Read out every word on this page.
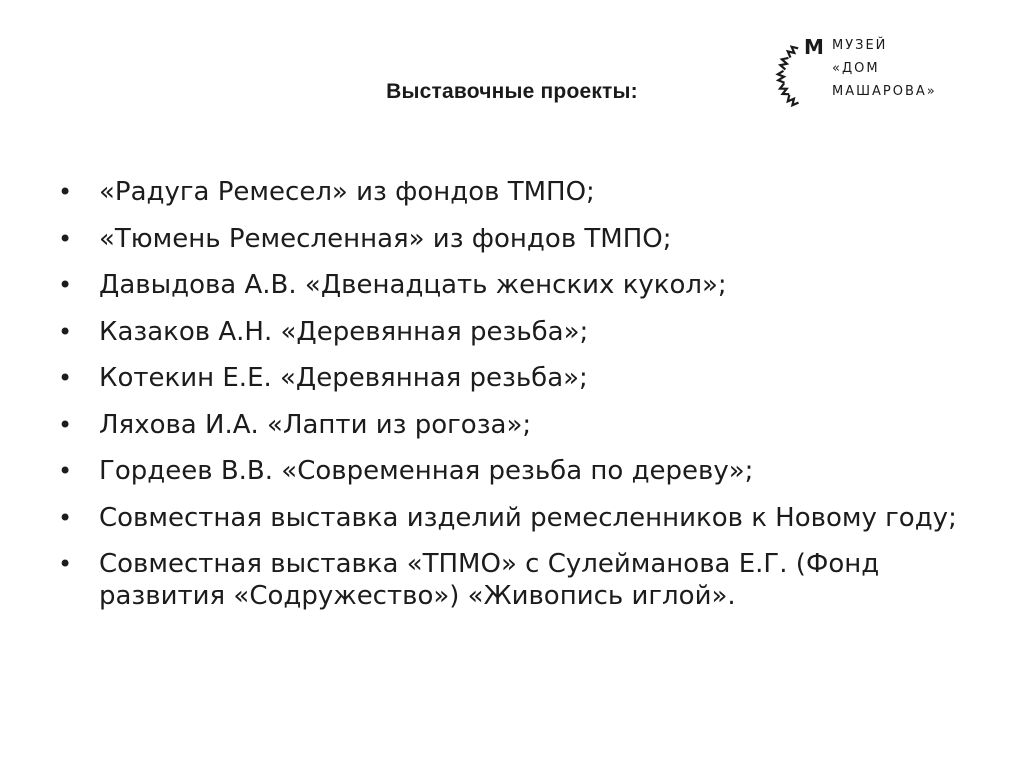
M МУЗЕЙ
«ДОМ
МАШАРОВА»
Выставочные проекты:
• «Радуга Ремесел» из фондов ТМПО;
• «Тюмень Ремесленная» из фондов ТМПО;
• Давыдова А.В. «Двенадцать женских кукол»;
• Казаков А.Н. «Деревянная резьба»;
• Котекин Е.Е. «Деревянная резьба»;
• Ляхова И.А. «Лапти из рогоза»;
• Гордеев В.В. «Современная резьба по дереву»;
• Совместная выставка изделий ремесленников к Новому году;
• Совместная выставка «ТПМО» с Сулейманова Е.Г. (Фонд развития «Содружество») «Живопись иглой».
